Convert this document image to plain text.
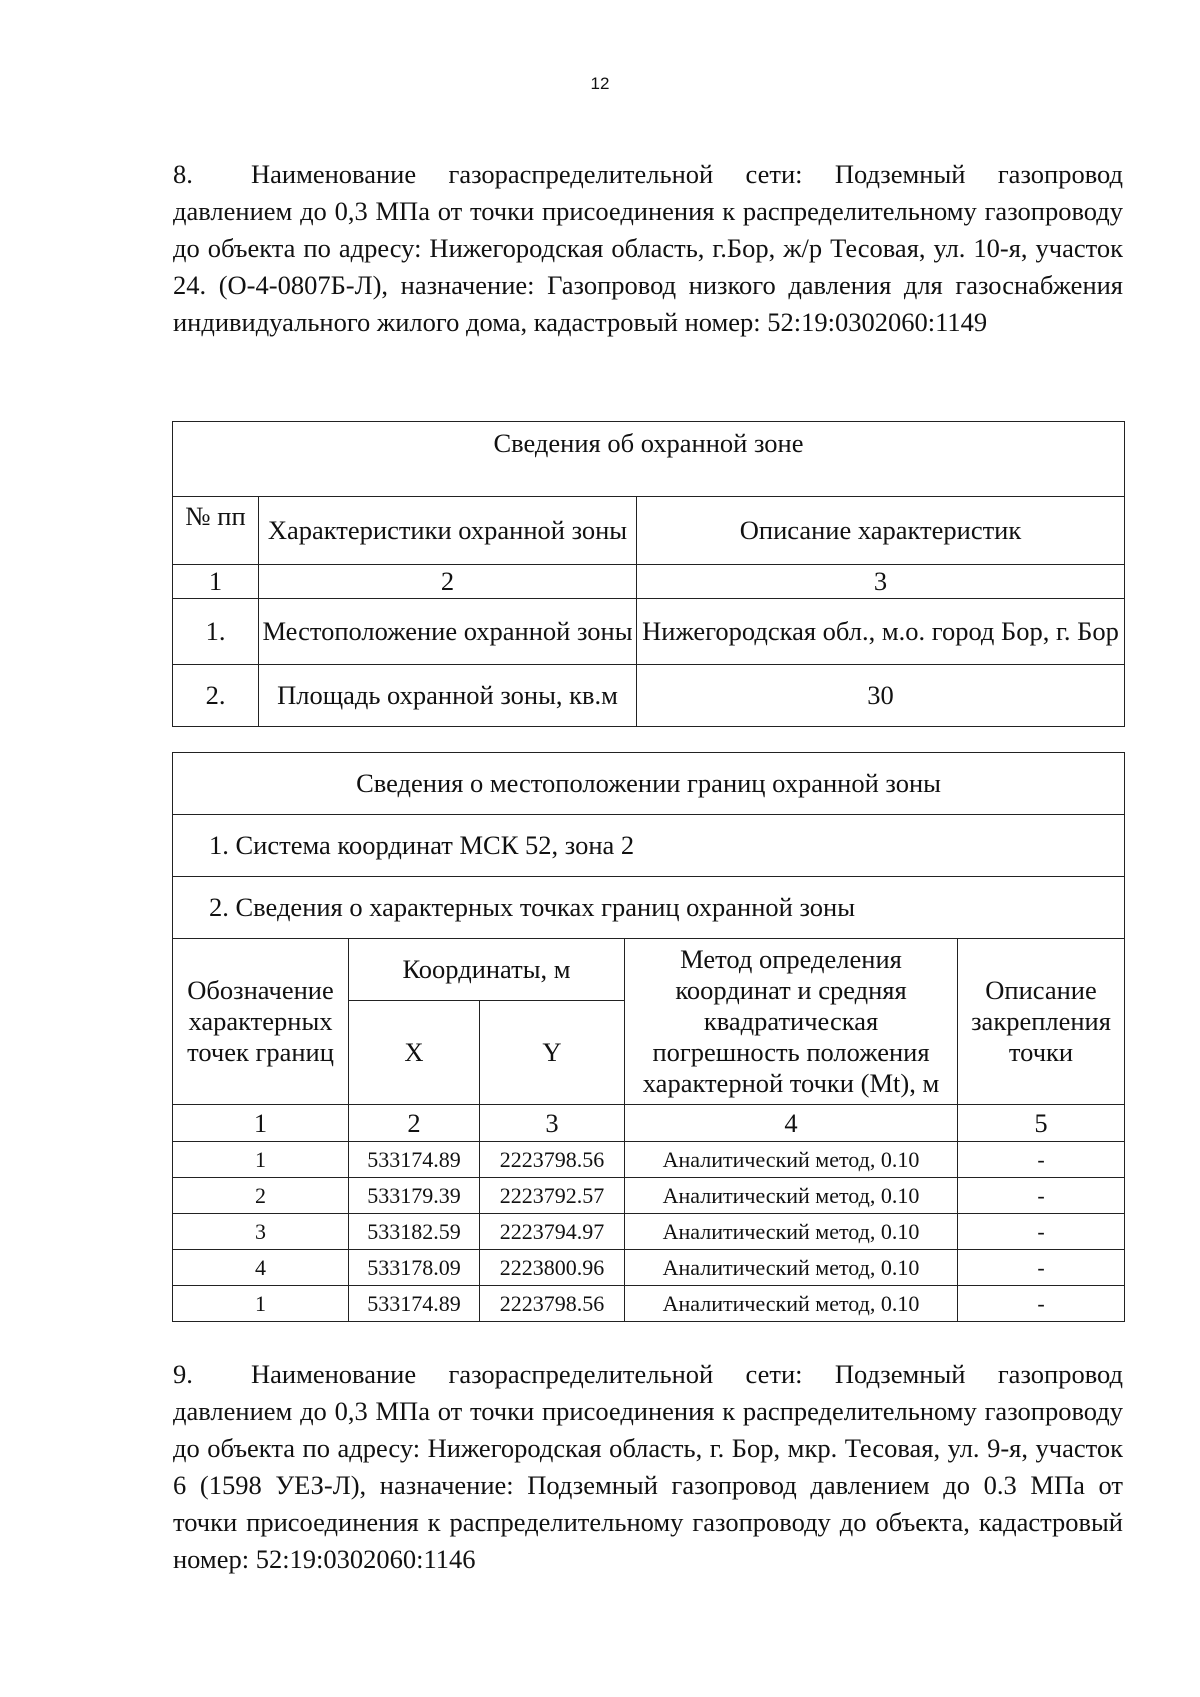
12
8. Наименование газораспределительной сети: Подземный газопровод давлением до 0,3 МПа от точки присоединения к распределительному газопроводу до объекта по адресу: Нижегородская область, г.Бор, ж/р Тесовая, ул. 10-я, участок 24. (О-4-0807Б-Л), назначение: Газопровод низкого давления для газоснабжения индивидуального жилого дома, кадастровый номер: 52:19:0302060:1149
Сведения об охранной зоне		
№ пп	Характеристики охранной зоны	Описание характеристик
1	2	3
1.	Местоположение охранной зоны	Нижегородская обл., м.о. город Бор, г. Бор
2.	Площадь охранной зоны, кв.м	30
Сведения о местоположении границ охранной зоны				
1. Система координат МСК 52, зона 2				
2. Сведения о характерных точках границ охранной зоны				
Обозначение характерных точек границ	Координаты, м		Метод определения координат и средняя квадратическая погрешность положения характерной точки (Mt), м	Описание закрепления точки
	X	Y		
1	2	3	4	5
1	533174.89	2223798.56	Аналитический метод, 0.10	-
2	533179.39	2223792.57	Аналитический метод, 0.10	-
3	533182.59	2223794.97	Аналитический метод, 0.10	-
4	533178.09	2223800.96	Аналитический метод, 0.10	-
1	533174.89	2223798.56	Аналитический метод, 0.10	-
9. Наименование газораспределительной сети: Подземный газопровод давлением до 0,3 МПа от точки присоединения к распределительному газопроводу до объекта по адресу: Нижегородская область, г. Бор, мкр. Тесовая, ул. 9-я, участок 6 (1598 УЕЗ-Л), назначение: Подземный газопровод давлением до 0.3 МПа от точки присоединения к распределительному газопроводу до объекта, кадастровый номер: 52:19:0302060:1146
